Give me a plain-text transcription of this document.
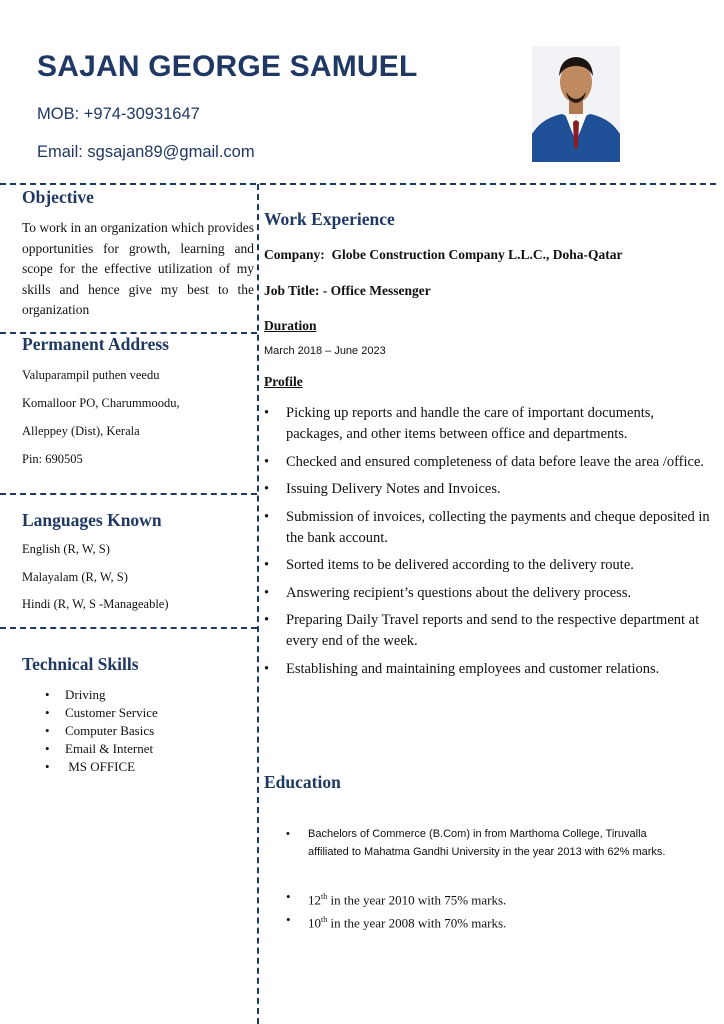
SAJAN GEORGE SAMUEL
MOB: +974-30931647
Email: sgsajan89@gmail.com
Objective
To work in an organization which provides opportunities for growth, learning and scope for the effective utilization of my skills and hence give my best to the organization
Permanent Address
Valuparampil puthen veedu
Komalloor PO, Charummoodu,
Alleppey (Dist), Kerala
Pin: 690505
Languages Known
English (R, W, S)
Malayalam (R, W, S)
Hindi (R, W, S -Manageable)
Technical Skills
• Driving
• Customer Service
• Computer Basics
• Email & Internet
•  MS OFFICE
Work Experience
Company:  Globe Construction Company L.L.C., Doha-Qatar
Job Title: - Office Messenger
Duration
March 2018 – June 2023
Profile
• Picking up reports and handle the care of important documents, packages, and other items between office and departments.
• Checked and ensured completeness of data before leave the area /office.
• Issuing Delivery Notes and Invoices.
• Submission of invoices, collecting the payments and cheque deposited in the bank account.
• Sorted items to be delivered according to the delivery route.
• Answering recipient’s questions about the delivery process.
• Preparing Daily Travel reports and send to the respective department at every end of the week.
• Establishing and maintaining employees and customer relations.
Education
• Bachelors of Commerce (B.Com) in from Marthoma College, Tiruvalla affiliated to Mahatma Gandhi University in the year 2013 with 62% marks.
• 12th in the year 2010 with 75% marks.
• 10th in the year 2008 with 70% marks.
